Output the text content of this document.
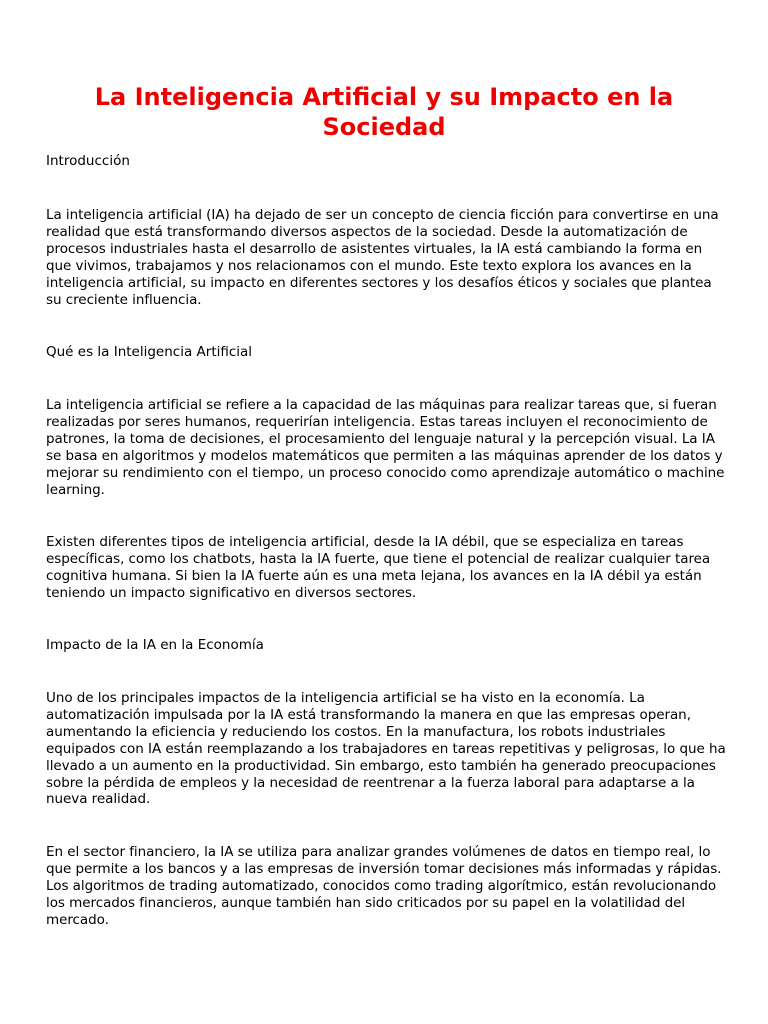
La Inteligencia Artificial y su Impacto en la Sociedad

Introducción

La inteligencia artificial (IA) ha dejado de ser un concepto de ciencia ficción para convertirse en una realidad que está transformando diversos aspectos de la sociedad. Desde la automatización de procesos industriales hasta el desarrollo de asistentes virtuales, la IA está cambiando la forma en que vivimos, trabajamos y nos relacionamos con el mundo. Este texto explora los avances en la inteligencia artificial, su impacto en diferentes sectores y los desafíos éticos y sociales que plantea su creciente influencia.

Qué es la Inteligencia Artificial

La inteligencia artificial se refiere a la capacidad de las máquinas para realizar tareas que, si fueran realizadas por seres humanos, requerirían inteligencia. Estas tareas incluyen el reconocimiento de patrones, la toma de decisiones, el procesamiento del lenguaje natural y la percepción visual. La IA se basa en algoritmos y modelos matemáticos que permiten a las máquinas aprender de los datos y mejorar su rendimiento con el tiempo, un proceso conocido como aprendizaje automático o machine learning.

Existen diferentes tipos de inteligencia artificial, desde la IA débil, que se especializa en tareas específicas, como los chatbots, hasta la IA fuerte, que tiene el potencial de realizar cualquier tarea cognitiva humana. Si bien la IA fuerte aún es una meta lejana, los avances en la IA débil ya están teniendo un impacto significativo en diversos sectores.

Impacto de la IA en la Economía

Uno de los principales impactos de la inteligencia artificial se ha visto en la economía. La automatización impulsada por la IA está transformando la manera en que las empresas operan, aumentando la eficiencia y reduciendo los costos. En la manufactura, los robots industriales equipados con IA están reemplazando a los trabajadores en tareas repetitivas y peligrosas, lo que ha llevado a un aumento en la productividad. Sin embargo, esto también ha generado preocupaciones sobre la pérdida de empleos y la necesidad de reentrenar a la fuerza laboral para adaptarse a la nueva realidad.

En el sector financiero, la IA se utiliza para analizar grandes volúmenes de datos en tiempo real, lo que permite a los bancos y a las empresas de inversión tomar decisiones más informadas y rápidas. Los algoritmos de trading automatizado, conocidos como trading algorítmico, están revolucionando los mercados financieros, aunque también han sido criticados por su papel en la volatilidad del mercado.
